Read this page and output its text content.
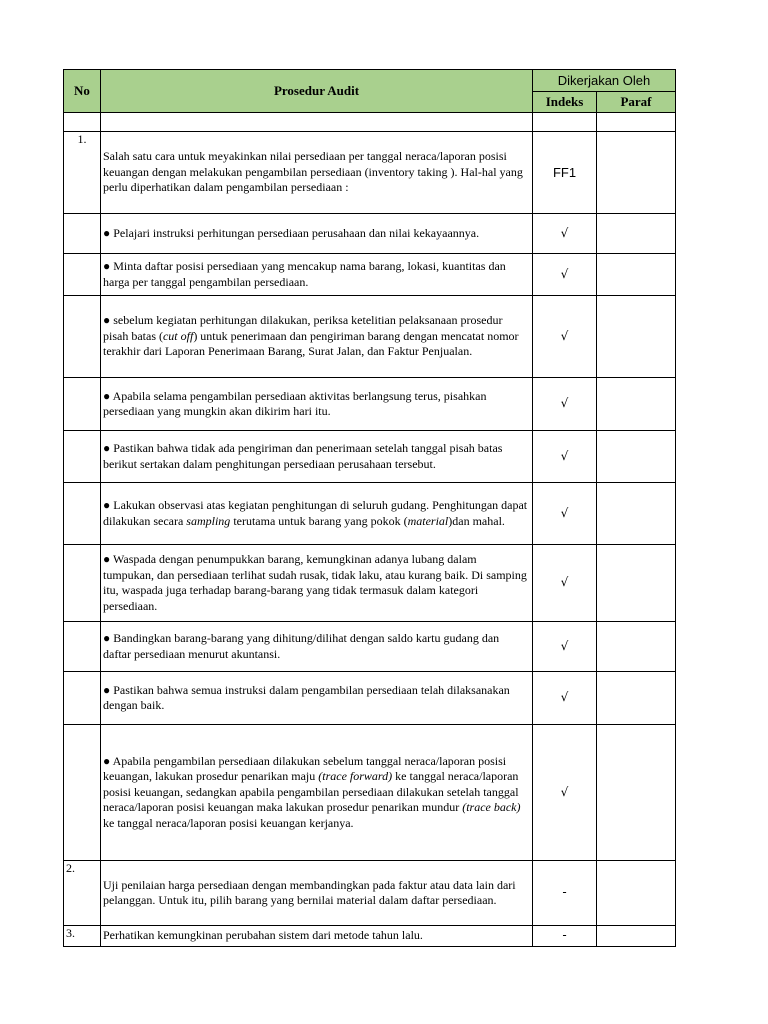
No	Prosedur Audit	Dikerjakan Oleh	
		Indeks	Paraf

1.	Salah satu cara untuk meyakinkan nilai persediaan per tanggal neraca/laporan posisi keuangan dengan melakukan pengambilan persediaan (inventory taking ). Hal-hal yang perlu diperhatikan dalam pengambilan persediaan :	FF1	
	● Pelajari instruksi perhitungan persediaan perusahaan dan nilai kekayaannya.	√	
	● Minta daftar posisi persediaan yang mencakup nama barang, lokasi, kuantitas dan harga per tanggal pengambilan persediaan.	√	
	● sebelum kegiatan perhitungan dilakukan, periksa ketelitian pelaksanaan prosedur pisah batas (cut off) untuk penerimaan dan pengiriman barang dengan mencatat nomor terakhir dari Laporan Penerimaan Barang, Surat Jalan, dan Faktur Penjualan.	√	
	● Apabila selama pengambilan persediaan aktivitas berlangsung terus, pisahkan persediaan yang mungkin akan dikirim hari itu.	√	
	● Pastikan bahwa tidak ada pengiriman dan penerimaan setelah tanggal pisah batas berikut sertakan dalam penghitungan persediaan perusahaan tersebut.	√	
	● Lakukan observasi atas kegiatan penghitungan di seluruh gudang. Penghitungan dapat dilakukan secara sampling terutama untuk barang yang pokok (material)dan mahal.	√	
	● Waspada dengan penumpukkan barang, kemungkinan adanya lubang dalam tumpukan, dan persediaan terlihat sudah rusak, tidak laku, atau kurang baik. Di samping itu, waspada juga terhadap barang-barang yang tidak termasuk dalam kategori persediaan.	√	
	● Bandingkan barang-barang yang dihitung/dilihat dengan saldo kartu gudang dan daftar persediaan menurut akuntansi.	√	
	● Pastikan bahwa semua instruksi dalam pengambilan persediaan telah dilaksanakan dengan baik.	√	
	● Apabila pengambilan persediaan dilakukan sebelum tanggal neraca/laporan posisi keuangan, lakukan prosedur penarikan maju (trace forward) ke tanggal neraca/laporan posisi keuangan, sedangkan apabila pengambilan persediaan dilakukan setelah tanggal neraca/laporan posisi keuangan maka lakukan prosedur penarikan mundur (trace back) ke tanggal neraca/laporan posisi keuangan kerjanya.	√	
2.	Uji penilaian harga persediaan dengan membandingkan pada faktur atau data lain dari pelanggan. Untuk itu, pilih barang yang bernilai material dalam daftar persediaan.	-	
3.	Perhatikan kemungkinan perubahan sistem dari metode tahun lalu.	-	
